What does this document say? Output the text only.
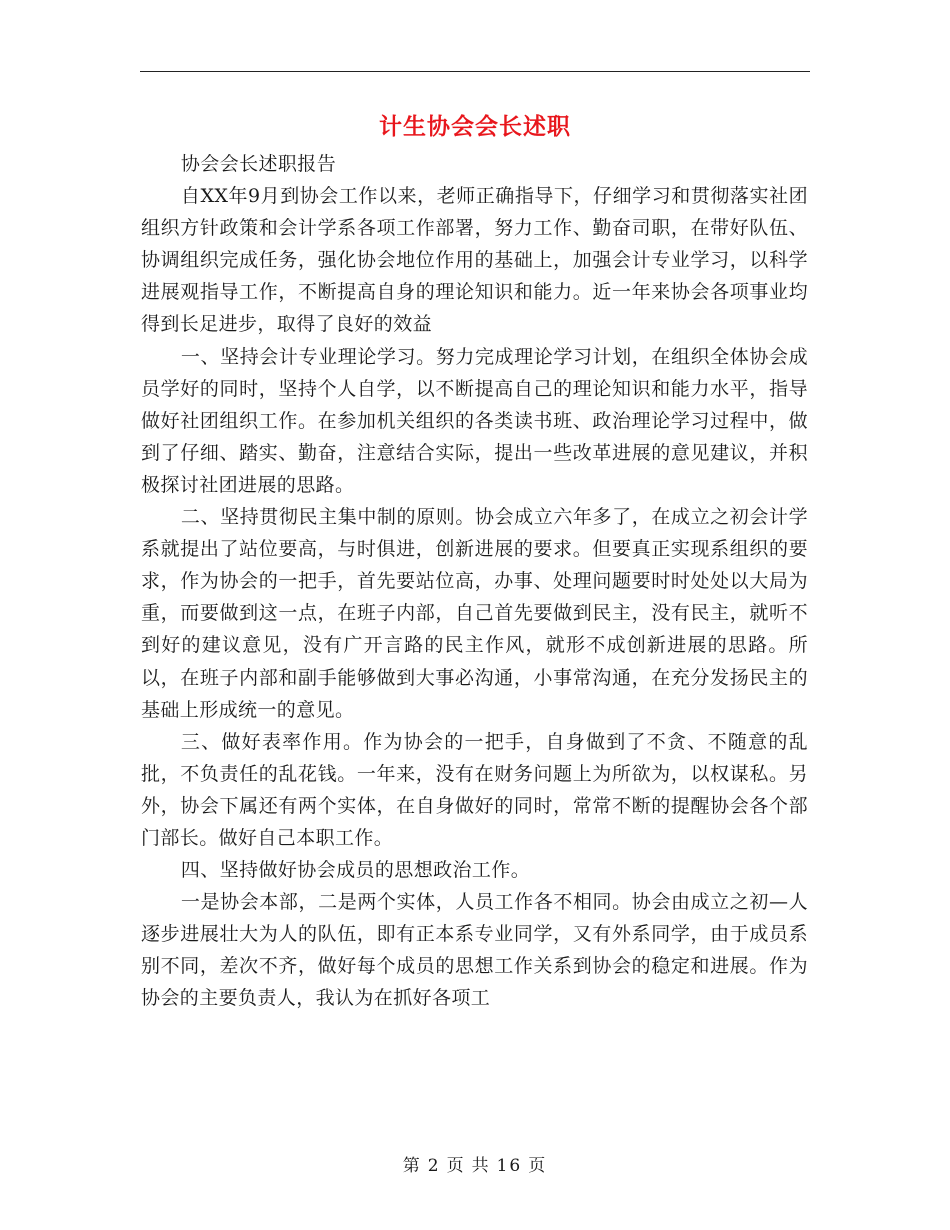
计生协会会长述职

协会会长述职报告

自XX年9月到协会工作以来，老师正确指导下，仔细学习和贯彻落实社团组织方针政策和会计学系各项工作部署，努力工作、勤奋司职，在带好队伍、协调组织完成任务，强化协会地位作用的基础上，加强会计专业学习，以科学进展观指导工作，不断提高自身的理论知识和能力。近一年来协会各项事业均得到长足进步，取得了良好的效益

一、坚持会计专业理论学习。努力完成理论学习计划，在组织全体协会成员学好的同时，坚持个人自学，以不断提高自己的理论知识和能力水平，指导做好社团组织工作。在参加机关组织的各类读书班、政治理论学习过程中，做到了仔细、踏实、勤奋，注意结合实际，提出一些改革进展的意见建议，并积极探讨社团进展的思路。

二、坚持贯彻民主集中制的原则。协会成立六年多了，在成立之初会计学系就提出了站位要高，与时俱进，创新进展的要求。但要真正实现系组织的要求，作为协会的一把手，首先要站位高，办事、处理问题要时时处处以大局为重，而要做到这一点，在班子内部，自己首先要做到民主，没有民主，就听不到好的建议意见，没有广开言路的民主作风，就形不成创新进展的思路。所以，在班子内部和副手能够做到大事必沟通，小事常沟通，在充分发扬民主的基础上形成统一的意见。

三、做好表率作用。作为协会的一把手，自身做到了不贪、不随意的乱批，不负责任的乱花钱。一年来，没有在财务问题上为所欲为，以权谋私。另外，协会下属还有两个实体，在自身做好的同时，常常不断的提醒协会各个部门部长。做好自己本职工作。

四、坚持做好协会成员的思想政治工作。

一是协会本部，二是两个实体，人员工作各不相同。协会由成立之初—人逐步进展壮大为人的队伍，即有正本系专业同学，又有外系同学，由于成员系别不同，差次不齐，做好每个成员的思想工作关系到协会的稳定和进展。作为协会的主要负责人，我认为在抓好各项工

第 2 页 共 16 页
